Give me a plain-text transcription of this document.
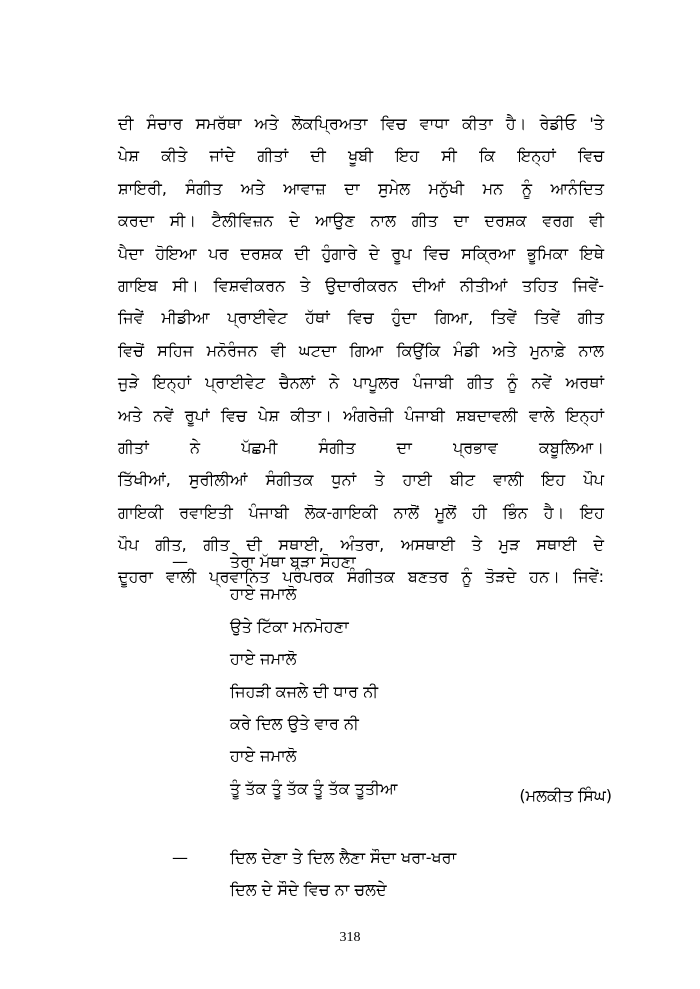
ਦੀ ਸੰਚਾਰ ਸਮਰੱਥਾ ਅਤੇ ਲੋਕਪ੍ਰਿਅਤਾ ਵਿਚ ਵਾਧਾ ਕੀਤਾ ਹੈ। ਰੇਡੀਓ 'ਤੇ
ਪੇਸ਼ ਕੀਤੇ ਜਾਂਦੇ ਗੀਤਾਂ ਦੀ ਖੂਬੀ ਇਹ ਸੀ ਕਿ ਇਨ੍ਹਾਂ ਵਿਚ
ਸ਼ਾਇਰੀ, ਸੰਗੀਤ ਅਤੇ ਆਵਾਜ਼ ਦਾ ਸੁਮੇਲ ਮਨੁੱਖੀ ਮਨ ਨੂੰ ਆਨੰਦਿਤ
ਕਰਦਾ ਸੀ। ਟੈਲੀਵਿਜ਼ਨ ਦੇ ਆਉਣ ਨਾਲ ਗੀਤ ਦਾ ਦਰਸ਼ਕ ਵਰਗ ਵੀ
ਪੈਦਾ ਹੋਇਆ ਪਰ ਦਰਸ਼ਕ ਦੀ ਹੁੰਗਾਰੇ ਦੇ ਰੂਪ ਵਿਚ ਸਕ੍ਰਿਆ ਭੂਮਿਕਾ ਇਥੇ
ਗਾਇਬ ਸੀ। ਵਿਸ਼ਵੀਕਰਨ ਤੇ ਉਦਾਰੀਕਰਨ ਦੀਆਂ ਨੀਤੀਆਂ ਤਹਿਤ ਜਿਵੇਂ-
ਜਿਵੇਂ ਮੀਡੀਆ ਪ੍ਰਾਈਵੇਟ ਹੱਥਾਂ ਵਿਚ ਹੁੰਦਾ ਗਿਆ, ਤਿਵੇਂ ਤਿਵੇਂ ਗੀਤ
ਵਿਚੋਂ ਸਹਿਜ ਮਨੋਰੰਜਨ ਵੀ ਘਟਦਾ ਗਿਆ ਕਿਉਂਕਿ ਮੰਡੀ ਅਤੇ ਮੁਨਾਫ਼ੇ ਨਾਲ
ਜੁੜੇ ਇਨ੍ਹਾਂ ਪ੍ਰਾਈਵੇਟ ਚੈਨਲਾਂ ਨੇ ਪਾਪੂਲਰ ਪੰਜਾਬੀ ਗੀਤ ਨੂੰ ਨਵੇਂ ਅਰਥਾਂ
ਅਤੇ ਨਵੇਂ ਰੂਪਾਂ ਵਿਚ ਪੇਸ਼ ਕੀਤਾ। ਅੰਗਰੇਜ਼ੀ ਪੰਜਾਬੀ ਸ਼ਬਦਾਵਲੀ ਵਾਲੇ ਇਨ੍ਹਾਂ
ਗੀਤਾਂ ਨੇ ਪੱਛਮੀ ਸੰਗੀਤ ਦਾ ਪ੍ਰਭਾਵ ਕਬੂਲਿਆ।
ਤਿੱਖੀਆਂ, ਸੁਰੀਲੀਆਂ ਸੰਗੀਤਕ ਧੁਨਾਂ ਤੇ ਹਾਈ ਬੀਟ ਵਾਲੀ ਇਹ ਪੌਪ
ਗਾਇਕੀ ਰਵਾਇਤੀ ਪੰਜਾਬੀ ਲੋਕ-ਗਾਇਕੀ ਨਾਲੋਂ ਮੂਲੋਂ ਹੀ ਭਿੰਨ ਹੈ। ਇਹ
ਪੌਪ ਗੀਤ, ਗੀਤ ਦੀ ਸਥਾਈ, ਅੰਤਰਾ, ਅਸਥਾਈ ਤੇ ਮੁੜ ਸਥਾਈ ਦੇ
ਦੂਹਰਾ ਵਾਲੀ ਪ੍ਰਵਾਨਿਤ ਪਰੰਪਰਕ ਸੰਗੀਤਕ ਬਣਤਰ ਨੂੰ ਤੋੜਦੇ ਹਨ। ਜਿਵੇਂ:
—	ਤੇਰਾ ਮੱਥਾ ਬੜਾ ਸੋਹਣਾ
ਹਾਏ ਜਮਾਲੋ
ਉਤੇ ਟਿੱਕਾ ਮਨਮੋਹਣਾ
ਹਾਏ ਜਮਾਲੋ
ਜਿਹੜੀ ਕਜਲੇ ਦੀ ਧਾਰ ਨੀ
ਕਰੇ ਦਿਲ ਉਤੇ ਵਾਰ ਨੀ
ਹਾਏ ਜਮਾਲੋ
ਤੂੰ ਤੱਕ ਤੂੰ ਤੱਕ ਤੂੰ ਤੱਕ ਤੂਤੀਆ	(ਮਲਕੀਤ ਸਿੰਘ)
—	ਦਿਲ ਦੇਣਾ ਤੇ ਦਿਲ ਲੈਣਾ ਸੌਦਾ ਖਰਾ-ਖਰਾ
ਦਿਲ ਦੇ ਸੌਦੇ ਵਿਚ ਨਾ ਚਲਦੇ
318
